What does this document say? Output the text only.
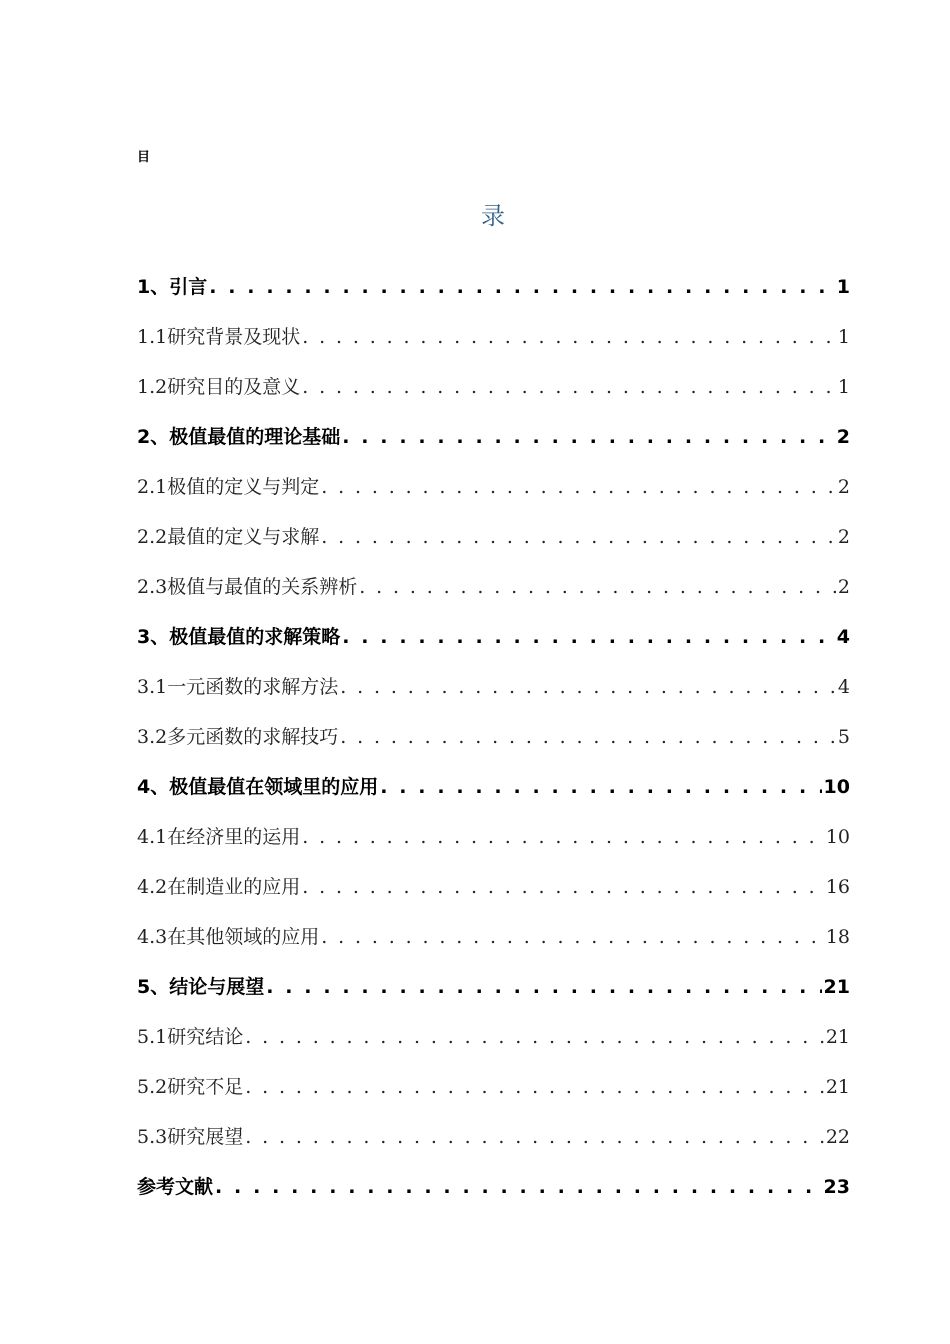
目
录
1、引言 . . .	1
1.1研究背景及现状 . . .	1
1.2研究目的及意义 . . .	1
2、极值最值的理论基础 . . .	2
2.1极值的定义与判定 . . .	2
2.2最值的定义与求解 . . .	2
2.3极值与最值的关系辨析 . . .	2
3、极值最值的求解策略 . . .	4
3.1一元函数的求解方法 . . .	4
3.2多元函数的求解技巧 . . .	5
4、极值最值在领域里的应用 . . .	10
4.1在经济里的运用 . . .	10
4.2在制造业的应用 . . .	16
4.3在其他领域的应用 . . .	18
5、结论与展望 . . .	21
5.1研究结论 . . .	21
5.2研究不足 . . .	21
5.3研究展望 . . .	22
参考文献 . . .	23
